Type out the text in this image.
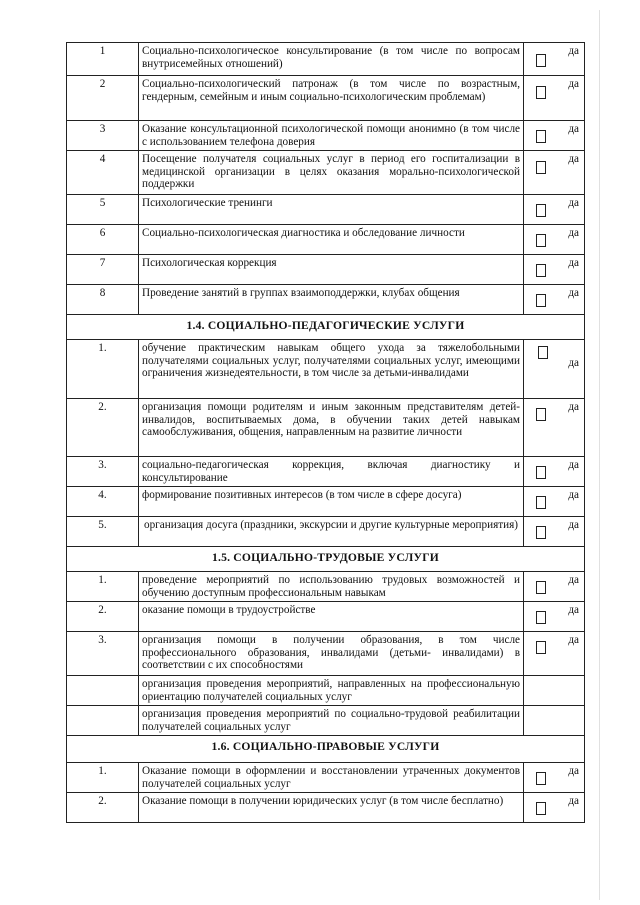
1	Социально-психологическое консультирование (в том числе по вопросам внутрисемейных отношений)	да

2	Социально-психологический патронаж (в том числе по возрастным, гендерным, семейным и иным социально-психологическим проблемам)	да

3	Оказание консультационной психологической помощи анонимно (в том числе с использованием телефона доверия	да

4	Посещение получателя социальных услуг в период его госпитализации в медицинской организации в целях оказания морально-психологической поддержки	да

5	Психологические тренинги	да

6	Социально-психологическая диагностика и обследование личности	да

7	Психологическая коррекция	да

8	Проведение занятий в группах взаимоподдержки, клубах общения	да

1.4. СОЦИАЛЬНО-ПЕДАГОГИЧЕСКИЕ УСЛУГИ		
1.	обучение практическим навыкам общего ухода за тяжелобольными получателями социальных услуг, получателями социальных услуг, имеющими ограничения жизнедеятельности, в том числе за детьми-инвалидами	да

2.	организация помощи родителям и иным законным представителям детей-инвалидов, воспитываемых дома, в обучении таких детей навыкам самообслуживания, общения, направленным на развитие личности	да

3.	социально-педагогическая коррекция, включая диагностику и консультирование	да

4.	формирование позитивных интересов (в том числе в сфере досуга)	да

5.	организация досуга (праздники, экскурсии и другие культурные мероприятия)	да

1.5. СОЦИАЛЬНО-ТРУДОВЫЕ УСЛУГИ		
1.	проведение мероприятий по использованию трудовых возможностей и обучению доступным профессиональным навыкам	да

2.	оказание помощи в трудоустройстве	да

3.	организация помощи в получении образования, в том числе профессионального образования, инвалидами (детьми- инвалидами) в соответствии с их способностями	да

	организация проведения мероприятий, направленных на профессиональную ориентацию получателей социальных услуг	
	организация проведения мероприятий по социально-трудовой реабилитации получателей социальных услуг	
1.6. СОЦИАЛЬНО-ПРАВОВЫЕ УСЛУГИ		
1.	Оказание помощи в оформлении и восстановлении утраченных документов получателей социальных услуг	да

2.	Оказание помощи в получении юридических услуг (в том числе бесплатно)	да
